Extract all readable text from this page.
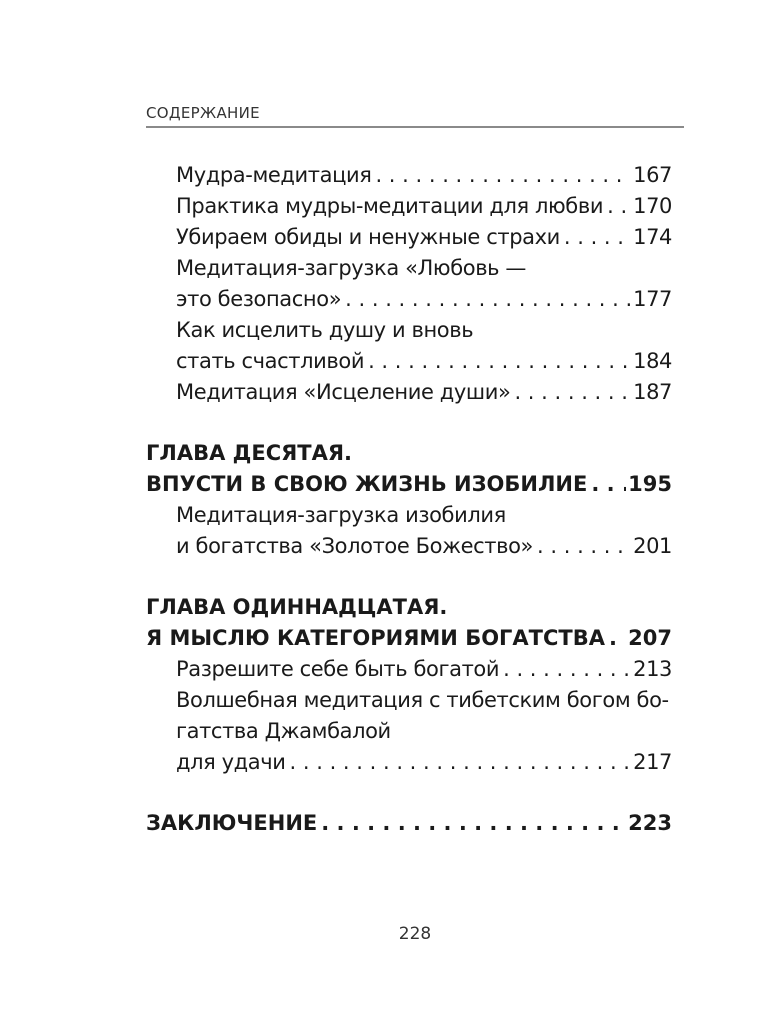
СОДЕРЖАНИЕ
Мудра-медитация . . .	167
Практика мудры-медитации для любви . . . 170
Убираем обиды и ненужные страхи . . .	174
Медитация-загрузка «Любовь —
это безопасно» . . .	177
Как исцелить душу и вновь
стать счастливой . . .	184
Медитация «Исцеление души» . . .	187
ГЛАВА ДЕСЯТАЯ.
ВПУСТИ В СВОЮ ЖИЗНЬ ИЗОБИЛИЕ . . . 195
Медитация-загрузка изобилия
и богатства «Золотое Божество» . . .	201
ГЛАВА ОДИННАДЦАТАЯ.
Я МЫСЛЮ КАТЕГОРИЯМИ БОГАТСТВА . . . 207
Разрешите себе быть богатой . . .	213
Волшебная медитация с тибетским богом бо-
гатства Джамбалой
для удачи . . .	217
ЗАКЛЮЧЕНИЕ . . .	223
228
